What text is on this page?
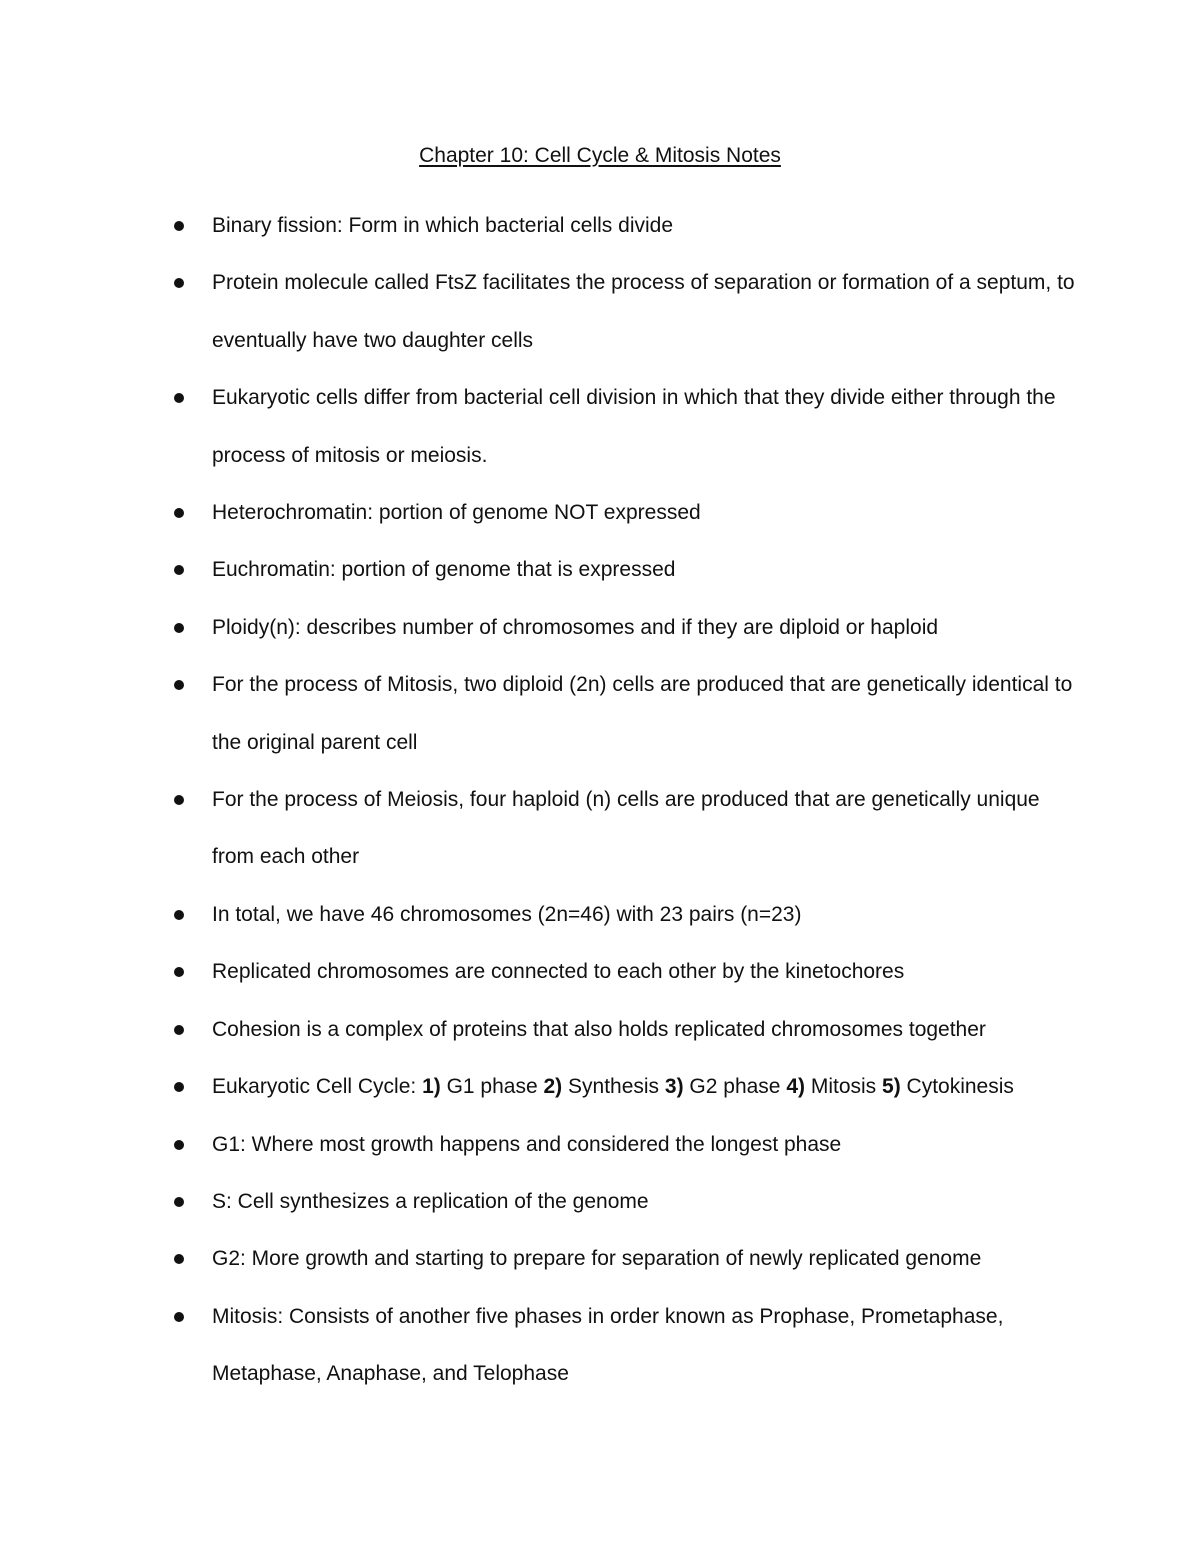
Chapter 10: Cell Cycle & Mitosis Notes
Binary fission: Form in which bacterial cells divide
Protein molecule called FtsZ facilitates the process of separation or formation of a septum, to eventually have two daughter cells
Eukaryotic cells differ from bacterial cell division in which that they divide either through the process of mitosis or meiosis.
Heterochromatin: portion of genome NOT expressed
Euchromatin: portion of genome that is expressed
Ploidy(n): describes number of chromosomes and if they are diploid or haploid
For the process of Mitosis, two diploid (2n) cells are produced that are genetically identical to the original parent cell
For the process of Meiosis, four haploid (n) cells are produced that are genetically unique from each other
In total, we have 46 chromosomes (2n=46) with 23 pairs (n=23)
Replicated chromosomes are connected to each other by the kinetochores
Cohesion is a complex of proteins that also holds replicated chromosomes together
Eukaryotic Cell Cycle: 1) G1 phase 2) Synthesis 3) G2 phase 4) Mitosis 5) Cytokinesis
G1: Where most growth happens and considered the longest phase
S: Cell synthesizes a replication of the genome
G2: More growth and starting to prepare for separation of newly replicated genome
Mitosis: Consists of another five phases in order known as Prophase, Prometaphase, Metaphase, Anaphase, and Telophase
